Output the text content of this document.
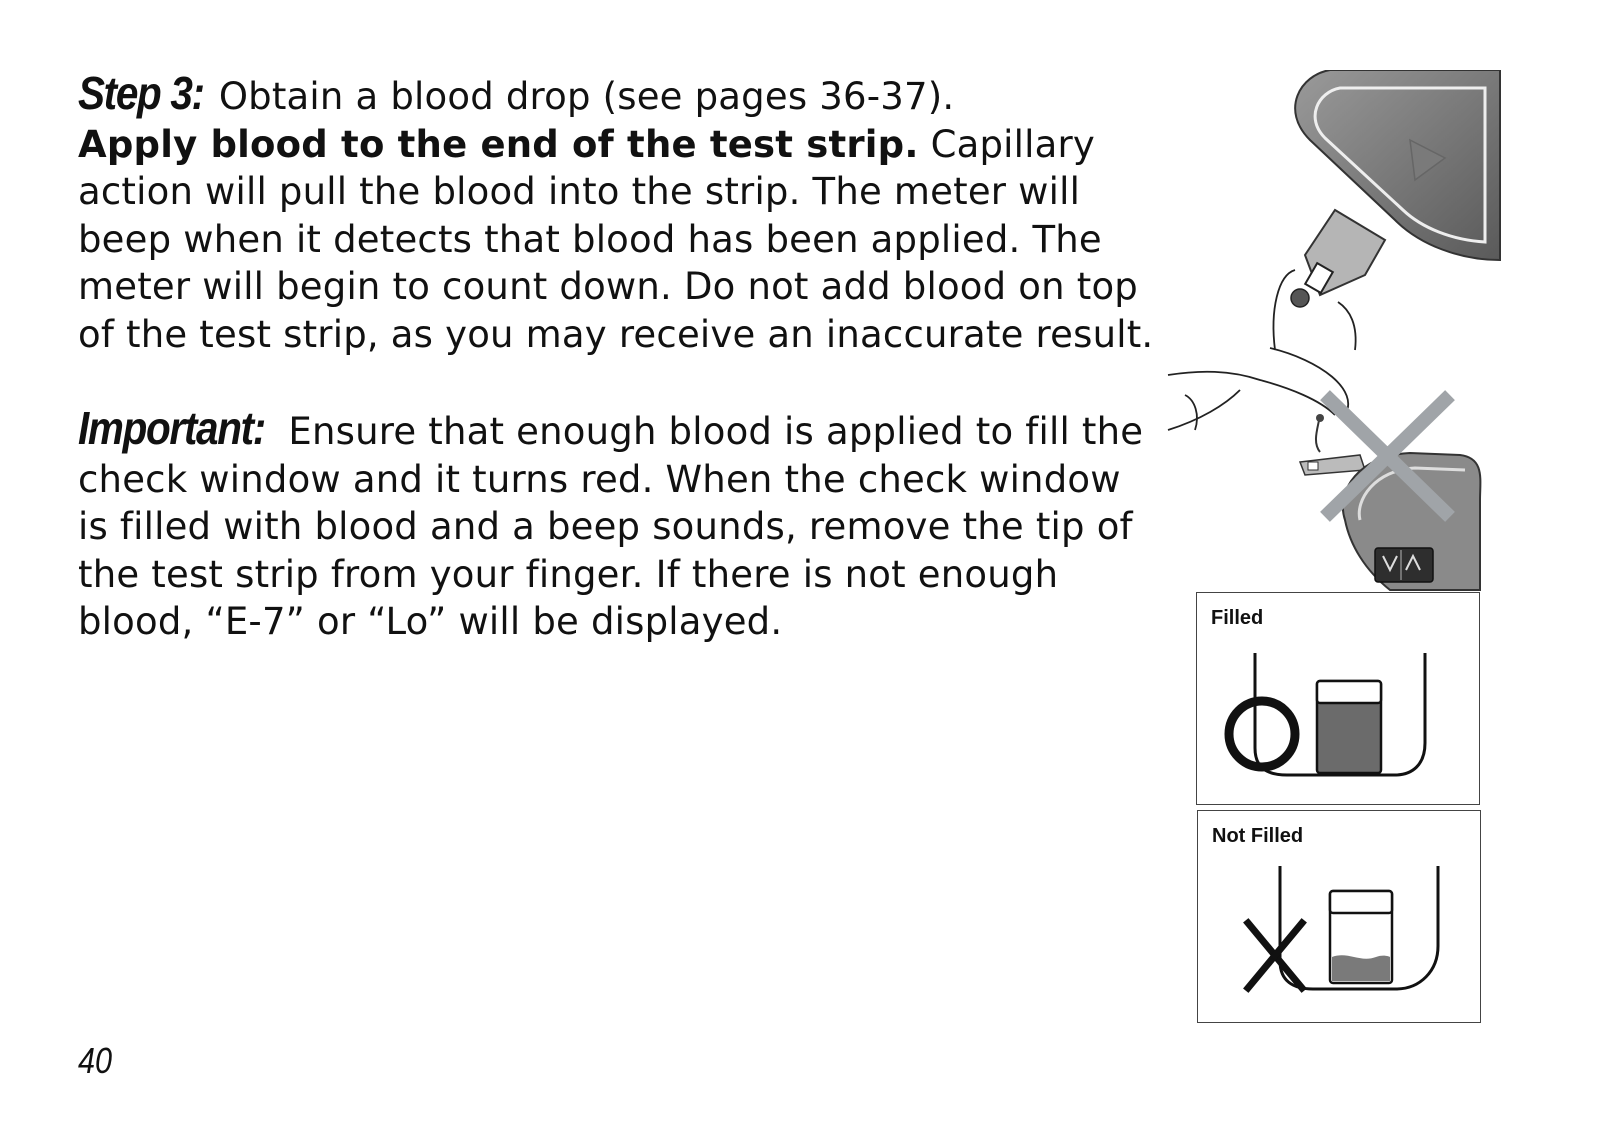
Step 3: Obtain a blood drop (see pages 36-37).
Apply blood to the end of the test strip. Capillary action will pull the blood into the strip. The meter will beep when it detects that blood has been applied. The meter will begin to count down. Do not add blood on top of the test strip, as you may receive an inaccurate result.

Important: Ensure that enough blood is applied to fill the check window and it turns red. When the check window is filled with blood and a beep sounds, remove the tip of the test strip from your finger. If there is not enough blood, “E-7” or “Lo” will be displayed.

40

Filled

Not Filled
